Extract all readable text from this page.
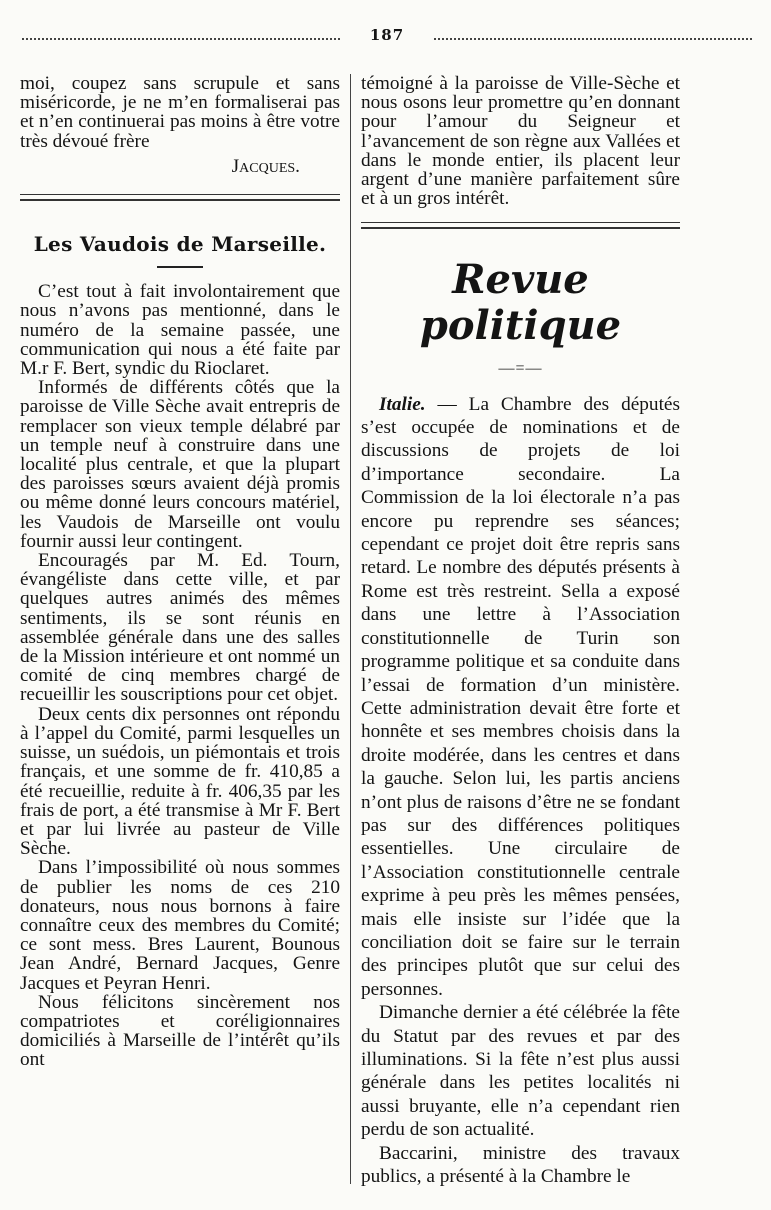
187

moi, coupez sans scrupule et sans miséricorde, je ne m’en formaliserai pas et n’en continuerai pas moins à être votre très dévoué frère

Jacques.

Les Vaudois de Marseille.

C’est tout à fait involontairement que nous n’avons pas mentionné, dans le numéro de la semaine passée, une communication qui nous a été faite par M.r F. Bert, syndic du Rioclaret.

Informés de différents côtés que la paroisse de Ville Sèche avait entrepris de remplacer son vieux temple délabré par un temple neuf à construire dans une localité plus centrale, et que la plupart des paroisses sœurs avaient déjà promis ou même donné leurs concours matériel, les Vaudois de Marseille ont voulu fournir aussi leur contingent.

Encouragés par M. Ed. Tourn, évangéliste dans cette ville, et par quelques autres animés des mêmes sentiments, ils se sont réunis en assemblée générale dans une des salles de la Mission intérieure et ont nommé un comité de cinq membres chargé de recueillir les souscriptions pour cet objet.

Deux cents dix personnes ont répondu à l’appel du Comité, parmi lesquelles un suisse, un suédois, un piémontais et trois français, et une somme de fr. 410,85 a été recueillie, reduite à fr. 406,35 par les frais de port, a été transmise à Mr F. Bert et par lui livrée au pasteur de Ville Sèche.

Dans l’impossibilité où nous sommes de publier les noms de ces 210 donateurs, nous nous bornons à faire connaître ceux des membres du Comité; ce sont mess. Bres Laurent, Bounous Jean André, Bernard Jacques, Genre Jacques et Peyran Henri.

Nous félicitons sincèrement nos compatriotes et coréligionnaires domiciliés à Marseille de l’intérêt qu’ils ont

témoigné à la paroisse de Ville-Sèche et nous osons leur promettre qu’en donnant pour l’amour du Seigneur et l’avancement de son règne aux Vallées et dans le monde entier, ils placent leur argent d’une manière parfaitement sûre et à un gros intérêt.

Revue politique
—=—

Italie. — La Chambre des députés s’est occupée de nominations et de discussions de projets de loi d’importance secondaire. La Commission de la loi électorale n’a pas encore pu reprendre ses séances; cependant ce projet doit être repris sans retard. Le nombre des députés présents à Rome est très restreint. Sella a exposé dans une lettre à l’Association constitutionnelle de Turin son programme politique et sa conduite dans l’essai de formation d’un ministère. Cette administration devait être forte et honnête et ses membres choisis dans la droite modérée, dans les centres et dans la gauche. Selon lui, les partis anciens n’ont plus de raisons d’être ne se fondant pas sur des différences politiques essentielles. Une circulaire de l’Association constitutionnelle centrale exprime à peu près les mêmes pensées, mais elle insiste sur l’idée que la conciliation doit se faire sur le terrain des principes plutôt que sur celui des personnes.

Dimanche dernier a été célébrée la fête du Statut par des revues et par des illuminations. Si la fête n’est plus aussi générale dans les petites localités ni aussi bruyante, elle n’a cependant rien perdu de son actualité.

Baccarini, ministre des travaux publics, a présenté à la Chambre le
